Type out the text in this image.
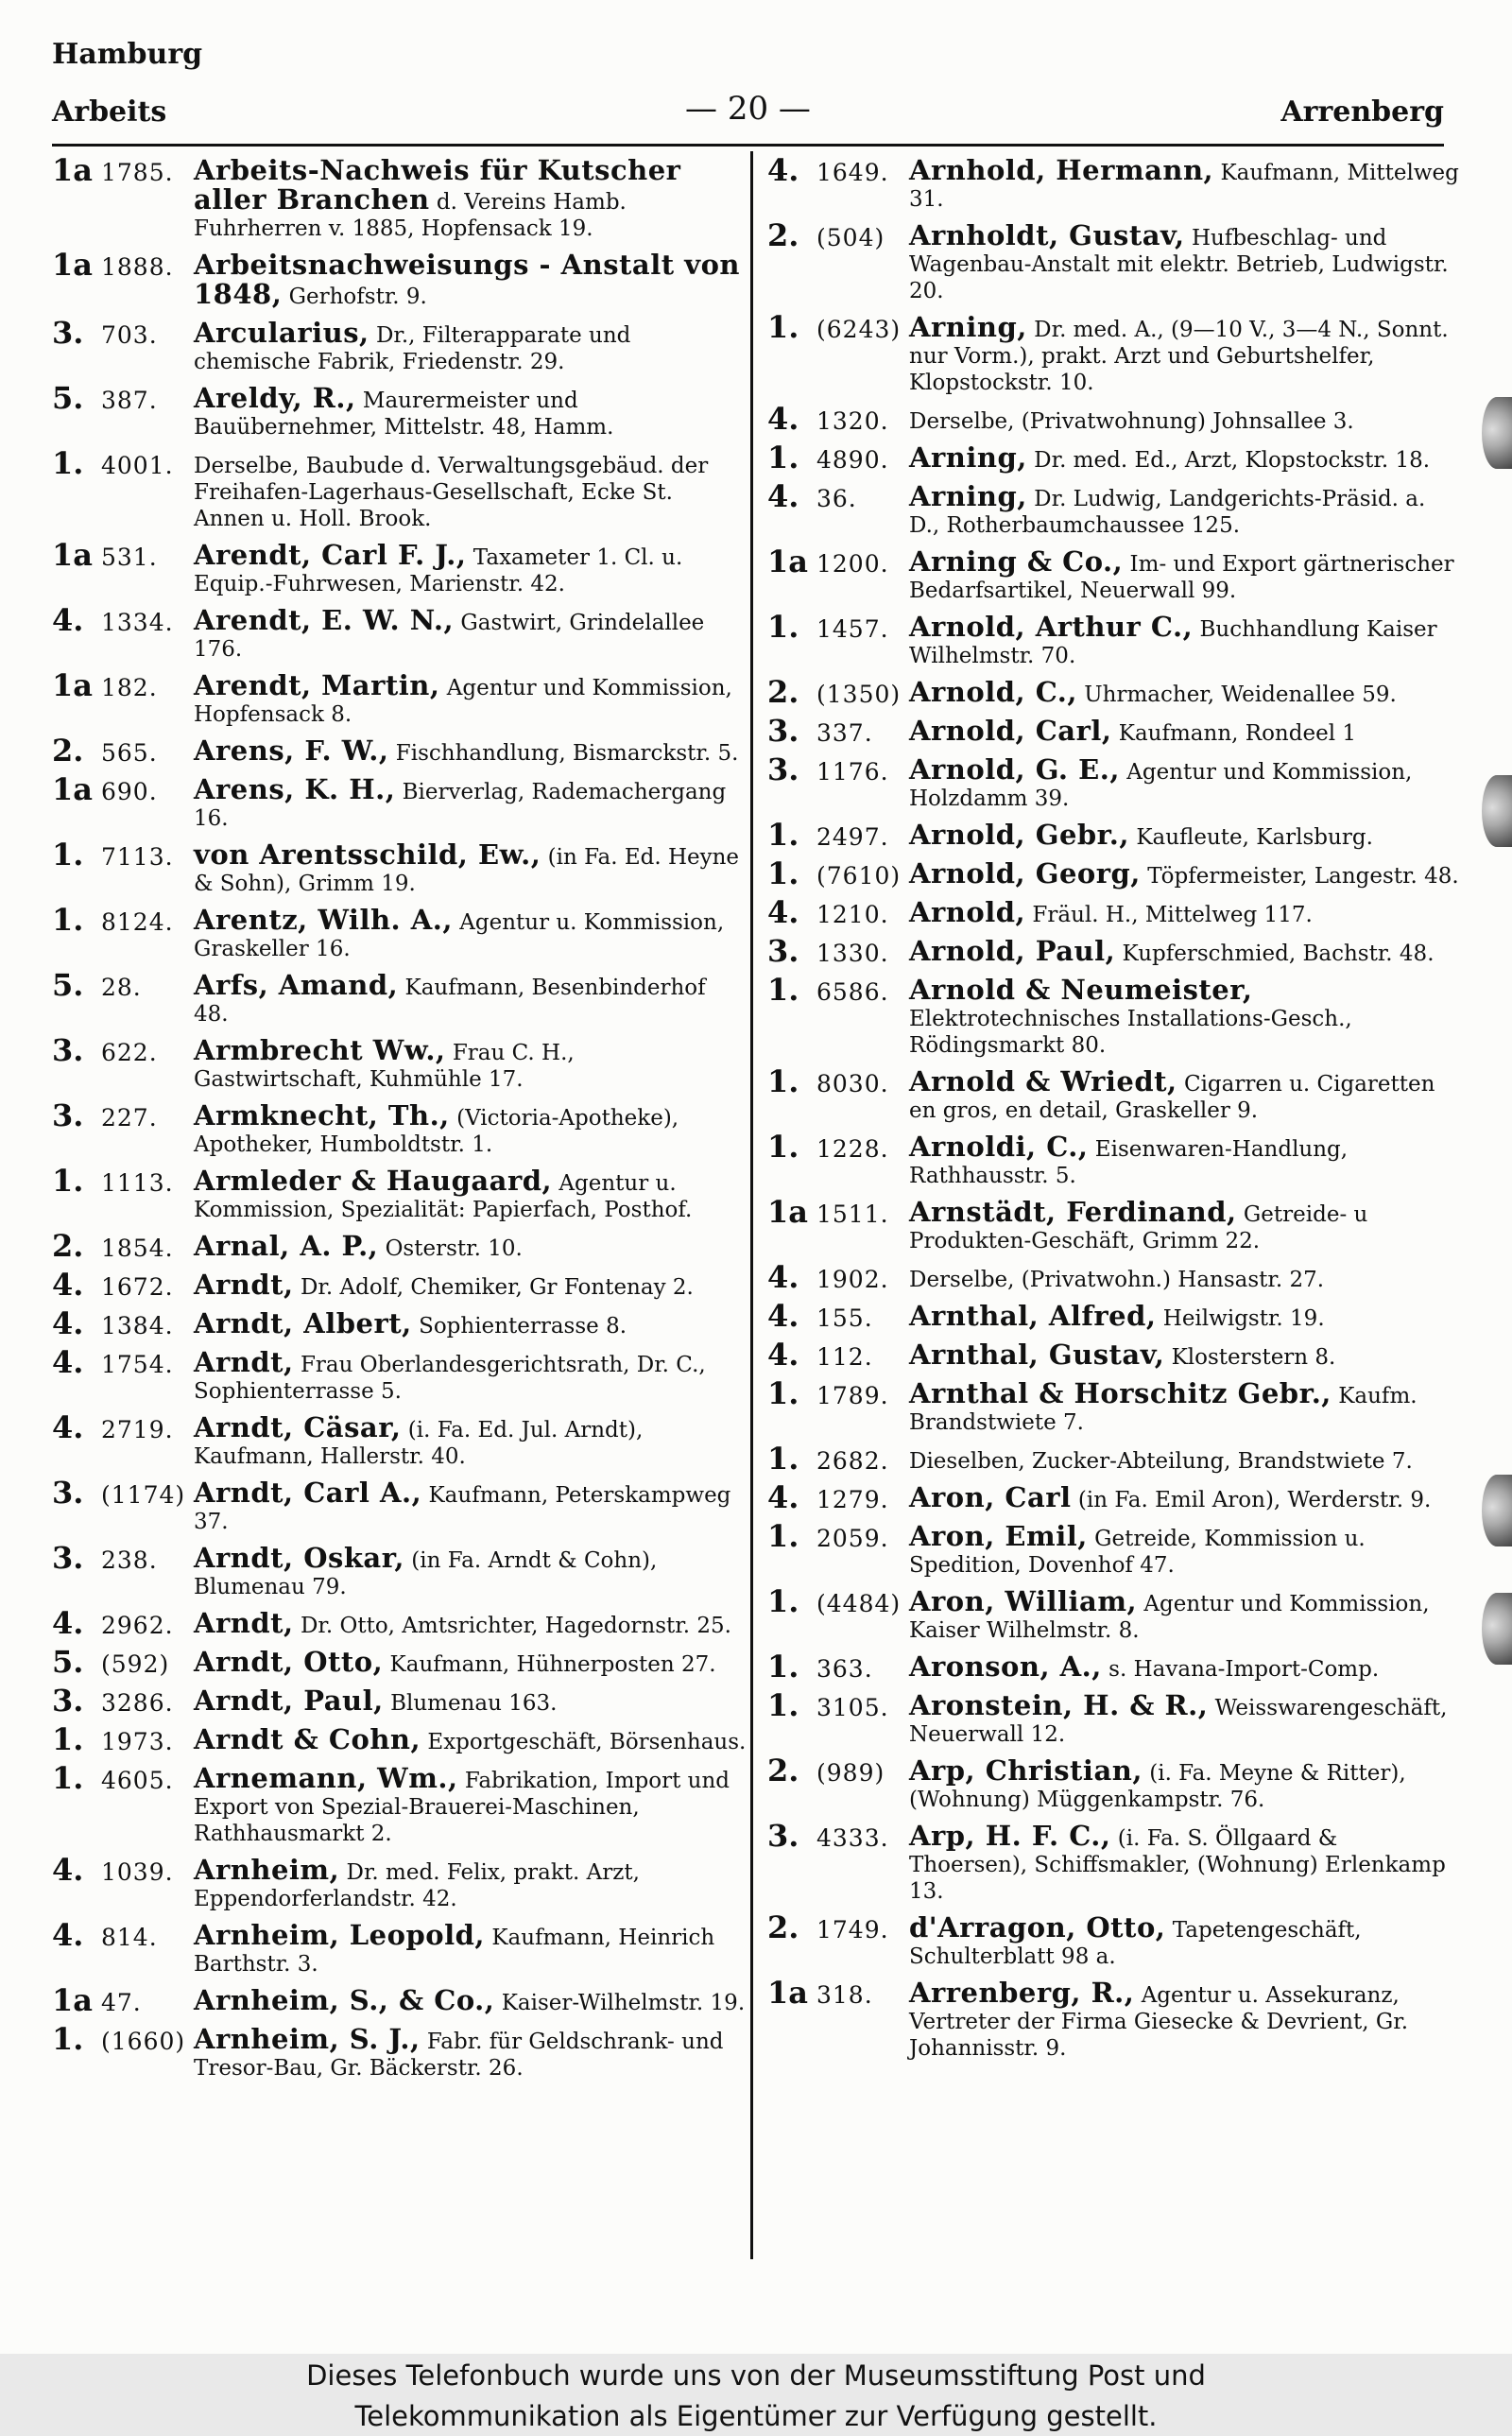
Hamburg
Arbeits	— 20 —	Arrenberg
1a 1785. Arbeits-Nachweis für Kutscher aller Branchen d. Vereins Hamb. Fuhrherren v. 1885, Hopfensack 19.
1a 1888. Arbeitsnachweisungs - Anstalt von 1848, Gerhofstr. 9.
3. 703.	Arcularius, Dr., Filterapparate und chemische Fabrik, Friedenstr. 29.
5. 387.	Areldy, R., Maurermeister und Bauübernehmer, Mittelstr. 48, Hamm.
1. 4001. Derselbe, Baubude d. Verwaltungsgebäud. der Freihafen-Lagerhaus-Gesellschaft, Ecke St. Annen u. Holl. Brook.
1a 531.	Arendt, Carl F. J., Taxameter 1. Cl. u. Equip.-Fuhrwesen, Marienstr. 42.
4. 1334. Arendt, E. W. N., Gastwirt, Grindelallee 176.
1a 182.	Arendt, Martin, Agentur und Kommission, Hopfensack 8.
2. 565.	Arens, F. W., Fischhandlung, Bismarckstr. 5.
1a 690.	Arens, K. H., Bierverlag, Rademachergang 16.
1. 7113. von Arentsschild, Ew., (in Fa. Ed. Heyne & Sohn), Grimm 19.
1. 8124. Arentz, Wilh. A., Agentur u. Kommission, Graskeller 16.
5. 28.	Arfs, Amand, Kaufmann, Besenbinderhof 48.
3. 622.	Armbrecht Ww., Frau C. H., Gastwirtschaft, Kuhmühle 17.
3. 227.	Armknecht, Th., (Victoria-Apotheke), Apotheker, Humboldtstr. 1.
1. 1113. Armleder & Haugaard, Agentur u. Kommission, Spezialität: Papierfach, Posthof.
2. 1854. Arnal, A. P., Osterstr. 10.
4. 1672. Arndt, Dr. Adolf, Chemiker, Gr Fontenay 2.
4. 1384. Arndt, Albert, Sophienterrasse 8.
4. 1754. Arndt, Frau Oberlandesgerichtsrath, Dr. C., Sophienterrasse 5.
4. 2719. Arndt, Cäsar, (i. Fa. Ed. Jul. Arndt), Kaufmann, Hallerstr. 40.
3. (1174) Arndt, Carl A., Kaufmann, Peterskampweg 37.
3. 238.	Arndt, Oskar, (in Fa. Arndt & Cohn), Blumenau 79.
4. 2962. Arndt, Dr. Otto, Amtsrichter, Hagedornstr. 25.
5. (592) Arndt, Otto, Kaufmann, Hühnerposten 27.
3. 3286. Arndt, Paul, Blumenau 163.
1. 1973. Arndt & Cohn, Exportgeschäft, Börsenhaus.
1. 4605. Arnemann, Wm., Fabrikation, Import und Export von Spezial-Brauerei-Maschinen, Rathhausmarkt 2.
4. 1039. Arnheim, Dr. med. Felix, prakt. Arzt, Eppendorferlandstr. 42.
4. 814.	Arnheim, Leopold, Kaufmann, Heinrich Barthstr. 3.
1a 47.	Arnheim, S., & Co., Kaiser-Wilhelmstr. 19.
1. (1660) Arnheim, S. J., Fabr. für Geldschrank- und Tresor-Bau, Gr. Bäckerstr. 26.
4. 1649. Arnhold, Hermann, Kaufmann, Mittelweg 31.
2. (504) Arnholdt, Gustav, Hufbeschlag- und Wagenbau-Anstalt mit elektr. Betrieb, Ludwigstr. 20.
1. (6243) Arning, Dr. med. A., (9—10 V., 3—4 N., Sonnt. nur Vorm.), prakt. Arzt und Geburtshelfer, Klopstockstr. 10.
4. 1320. Derselbe, (Privatwohnung) Johnsallee 3.
1. 4890. Arning, Dr. med. Ed., Arzt, Klopstockstr. 18.
4. 36.	Arning, Dr. Ludwig, Landgerichts-Präsid. a. D., Rotherbaumchaussee 125.
1a 1200. Arning & Co., Im- und Export gärtnerischer Bedarfsartikel, Neuerwall 99.
1. 1457. Arnold, Arthur C., Buchhandlung Kaiser Wilhelmstr. 70.
2. (1350) Arnold, C., Uhrmacher, Weidenallee 59.
3. 337.	Arnold, Carl, Kaufmann, Rondeel 1
3. 1176. Arnold, G. E., Agentur und Kommission, Holzdamm 39.
1. 2497. Arnold, Gebr., Kaufleute, Karlsburg.
1. (7610) Arnold, Georg, Töpfermeister, Langestr. 48.
4. 1210. Arnold, Fräul. H., Mittelweg 117.
3. 1330. Arnold, Paul, Kupferschmied, Bachstr. 48.
1. 6586. Arnold & Neumeister, Elektrotechnisches Installations-Gesch., Rödingsmarkt 80.
1. 8030. Arnold & Wriedt, Cigarren u. Cigaretten en gros, en detail, Graskeller 9.
1. 1228. Arnoldi, C., Eisenwaren-Handlung, Rathhausstr. 5.
1a 1511. Arnstädt, Ferdinand, Getreide- u Produkten-Geschäft, Grimm 22.
4. 1902. Derselbe, (Privatwohn.) Hansastr. 27.
4. 155.	Arnthal, Alfred, Heilwigstr. 19.
4. 112.	Arnthal, Gustav, Klosterstern 8.
1. 1789. Arnthal & Horschitz Gebr., Kaufm. Brandstwiete 7.
1. 2682. Dieselben, Zucker-Abteilung, Brandstwiete 7.
4. 1279. Aron, Carl (in Fa. Emil Aron), Werderstr. 9.
1. 2059. Aron, Emil, Getreide, Kommission u. Spedition, Dovenhof 47.
1. (4484) Aron, William, Agentur und Kommission, Kaiser Wilhelmstr. 8.
1. 363.	Aronson, A., s. Havana-Import-Comp.
1. 3105. Aronstein, H. & R., Weisswarengeschäft, Neuerwall 12.
2. (989) Arp, Christian, (i. Fa. Meyne & Ritter), (Wohnung) Müggenkampstr. 76.
3. 4333. Arp, H. F. C., (i. Fa. S. Öllgaard & Thoersen), Schiffsmakler, (Wohnung) Erlenkamp 13.
2. 1749. d'Arragon, Otto, Tapetengeschäft, Schulterblatt 98 a.
1a 318.	Arrenberg, R., Agentur u. Assekuranz, Vertreter der Firma Giesecke & Devrient, Gr. Johannisstr. 9.
Dieses Telefonbuch wurde uns von der Museumsstiftung Post und
Telekommunikation als Eigentümer zur Verfügung gestellt.
